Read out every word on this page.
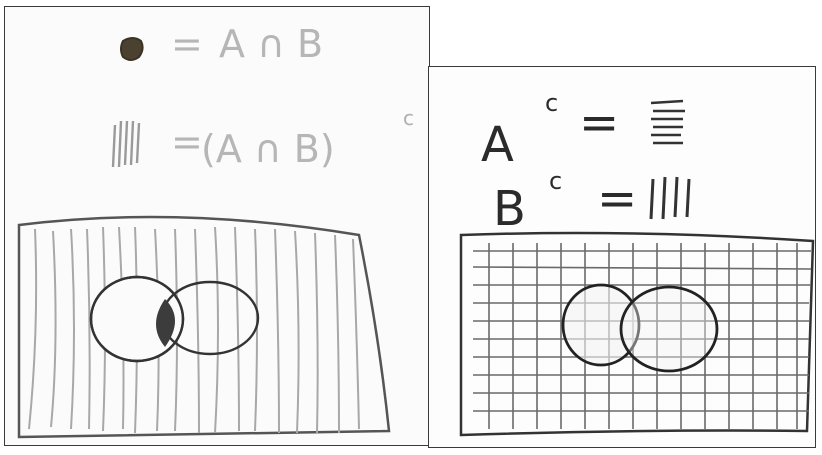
= A ∩ B
=
(A ∩ B)
c A
c =
B c =
